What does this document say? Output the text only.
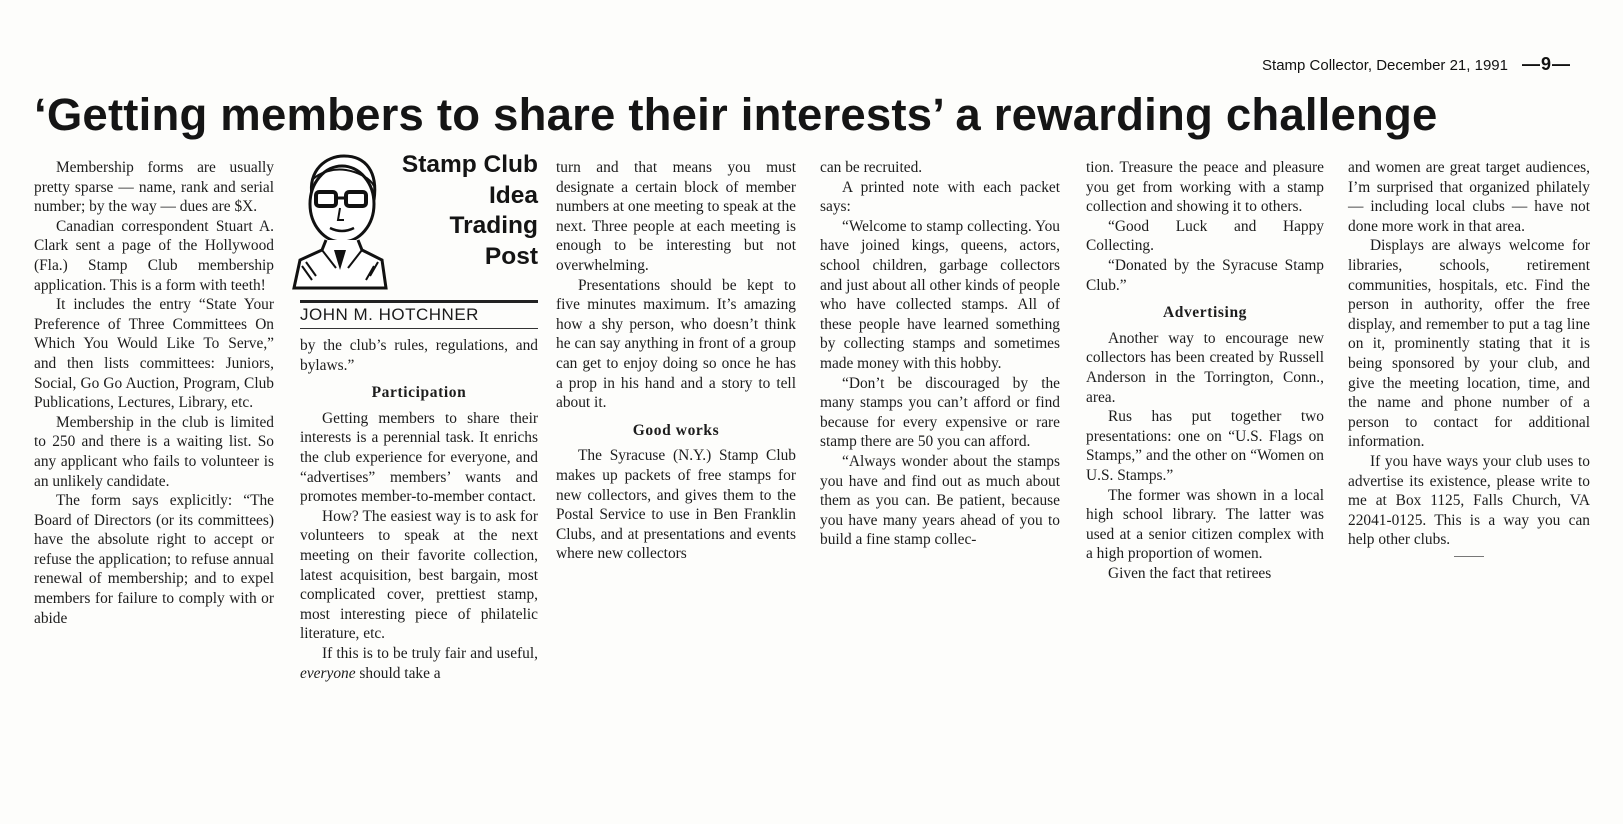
Stamp Collector, December 21, 1991 —9—
‘Getting members to share their interests’ a rewarding challenge

Membership forms are usually pretty sparse — name, rank and serial number; by the way — dues are $X.

Canadian correspondent Stuart A. Clark sent a page of the Hollywood (Fla.) Stamp Club membership application. This is a form with teeth!

It includes the entry “State Your Preference of Three Committees On Which You Would Like To Serve,” and then lists committees: Juniors, Social, Go Go Auction, Program, Club Publications, Lectures, Library, etc.

Membership in the club is limited to 250 and there is a waiting list. So any applicant who fails to volunteer is an unlikely candidate.

The form says explicitly: “The Board of Directors (or its committees) have the absolute right to accept or refuse the application; to refuse annual renewal of membership; and to expel members for failure to comply with or abide

Stamp Club
Idea
Trading
Post
JOHN M. HOTCHNER

by the club’s rules, regulations, and bylaws.”

Participation

Getting members to share their interests is a perennial task. It enrichs the club experience for everyone, and “advertises” members’ wants and promotes member-to-member contact.

How? The easiest way is to ask for volunteers to speak at the next meeting on their favorite collection, latest acquisition, best bargain, most complicated cover, prettiest stamp, most interesting piece of philatelic literature, etc.

If this is to be truly fair and useful, everyone should take a

turn and that means you must designate a certain block of member numbers at one meeting to speak at the next. Three people at each meeting is enough to be interesting but not overwhelming.

Presentations should be kept to five minutes maximum. It’s amazing how a shy person, who doesn’t think he can say anything in front of a group can get to enjoy doing so once he has a prop in his hand and a story to tell about it.

Good works

The Syracuse (N.Y.) Stamp Club makes up packets of free stamps for new collectors, and gives them to the Postal Service to use in Ben Franklin Clubs, and at presentations and events where new collectors

can be recruited.

A printed note with each packet says:

“Welcome to stamp collecting. You have joined kings, queens, actors, school children, garbage collectors and just about all other kinds of people who have collected stamps. All of these people have learned something by collecting stamps and sometimes made money with this hobby.

“Don’t be discouraged by the many stamps you can’t afford or find because for every expensive or rare stamp there are 50 you can afford.

“Always wonder about the stamps you have and find out as much about them as you can. Be patient, because you have many years ahead of you to build a fine stamp collec-

tion. Treasure the peace and pleasure you get from working with a stamp collection and showing it to others.

“Good Luck and Happy Collecting.

“Donated by the Syracuse Stamp Club.”

Advertising

Another way to encourage new collectors has been created by Russell Anderson in the Torrington, Conn., area.

Rus has put together two presentations: one on “U.S. Flags on Stamps,” and the other on “Women on U.S. Stamps.”

The former was shown in a local high school library. The latter was used at a senior citizen complex with a high proportion of women.

Given the fact that retirees

and women are great target audiences, I’m surprised that organized philately — including local clubs — have not done more work in that area.

Displays are always welcome for libraries, schools, retirement communities, hospitals, etc. Find the person in authority, offer the free display, and remember to put a tag line on it, prominently stating that it is being sponsored by your club, and give the meeting location, time, and the name and phone number of a person to contact for additional information.

If you have ways your club uses to advertise its existence, please write to me at Box 1125, Falls Church, VA 22041-0125. This is a way you can help other clubs.
